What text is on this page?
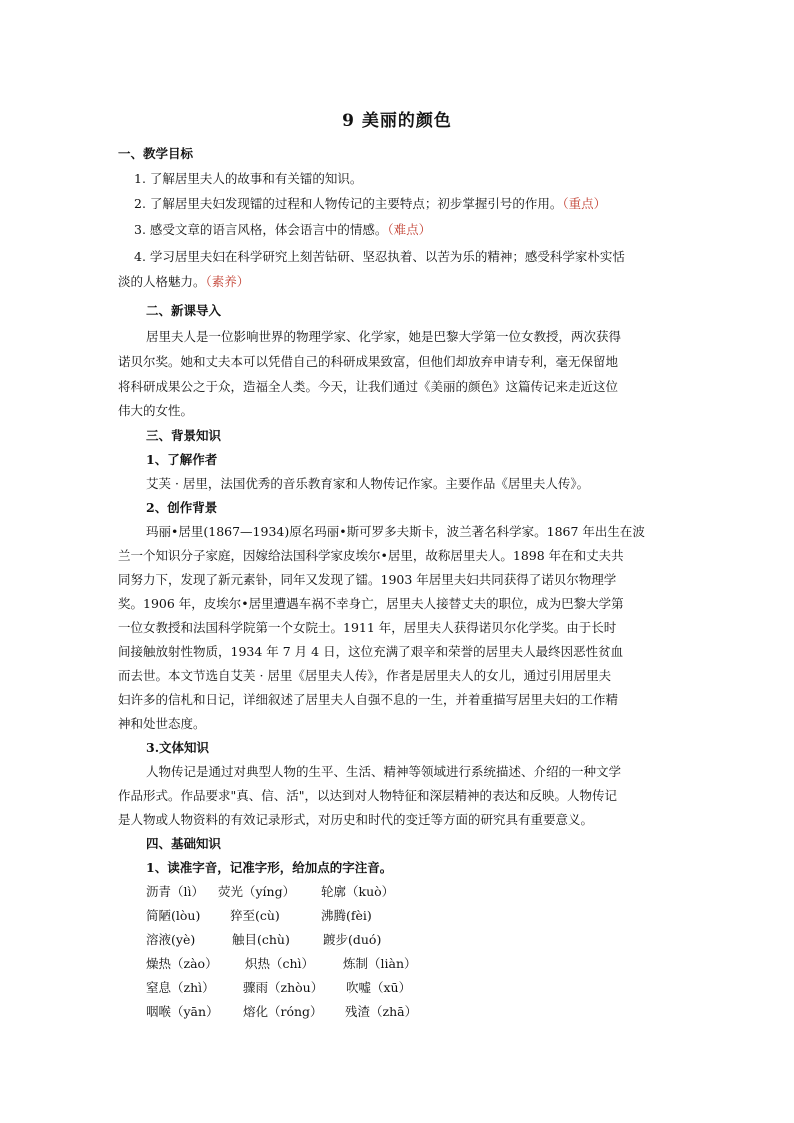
9 美丽的颜色
一、教学目标
1. 了解居里夫人的故事和有关镭的知识。
2. 了解居里夫妇发现镭的过程和人物传记的主要特点；初步掌握引号的作用。（重点）
3. 感受文章的语言风格，体会语言中的情感。（难点）
4. 学习居里夫妇在科学研究上刻苦钻研、坚忍执着、以苦为乐的精神；感受科学家朴实恬
淡的人格魅力。（素养）
二、新课导入
居里夫人是一位影响世界的物理学家、化学家，她是巴黎大学第一位女教授，两次获得
诺贝尔奖。她和丈夫本可以凭借自己的科研成果致富，但他们却放弃申请专利，毫无保留地
将科研成果公之于众，造福全人类。今天，让我们通过《美丽的颜色》这篇传记来走近这位
伟大的女性。
三、背景知识
1、了解作者
艾芙 · 居里，法国优秀的音乐教育家和人物传记作家。主要作品《居里夫人传》。
2、创作背景
玛丽•居里(1867—1934)原名玛丽•斯可罗多夫斯卡，波兰著名科学家。1867 年出生在波
兰一个知识分子家庭，因嫁给法国科学家皮埃尔•居里，故称居里夫人。1898 年在和丈夫共
同努力下，发现了新元素钋，同年又发现了镭。1903 年居里夫妇共同获得了诺贝尔物理学
奖。1906 年，皮埃尔•居里遭遇车祸不幸身亡，居里夫人接替丈夫的职位，成为巴黎大学第
一位女教授和法国科学院第一个女院士。1911 年，居里夫人获得诺贝尔化学奖。由于长时
间接触放射性物质，1934 年 7 月 4 日，这位充满了艰辛和荣誉的居里夫人最终因恶性贫血
而去世。本文节选自艾芙 · 居里《居里夫人传》，作者是居里夫人的女儿，通过引用居里夫
妇许多的信札和日记，详细叙述了居里夫人自强不息的一生，并着重描写居里夫妇的工作精
神和处世态度。
3.文体知识
人物传记是通过对典型人物的生平、生活、精神等领域进行系统描述、介绍的一种文学
作品形式。作品要求"真、信、活"，以达到对人物特征和深层精神的表达和反映。人物传记
是人物或人物资料的有效记录形式，对历史和时代的变迁等方面的研究具有重要意义。
四、基础知识
1、读准字音，记准字形，给加点的字注音。
沥青（lì） 荧光（yíng） 轮廓（kuò）
简陋(lòu) 猝至(cù)	沸腾(fèi)
溶液(yè)	触目(chù)	踱步(duó)
燥热（zào） 炽热（chì） 炼制（liàn）
窒息（zhì） 骤雨（zhòu） 吹嘘（xū）
咽喉（yān） 熔化（róng） 残渣（zhā）
